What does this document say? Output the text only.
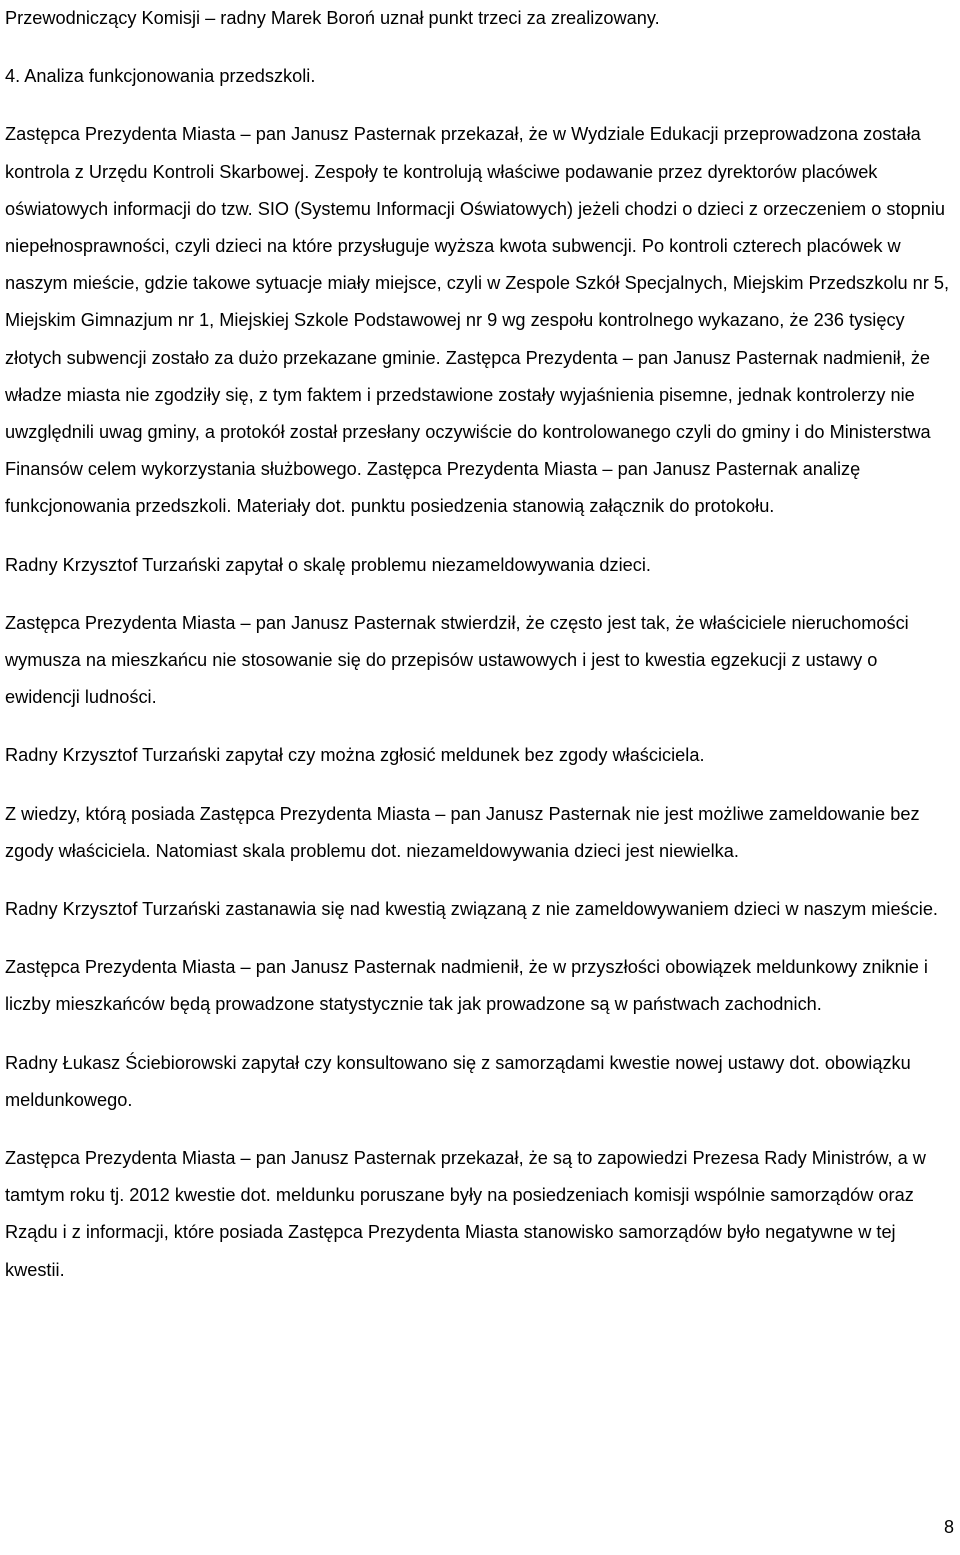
Przewodniczący Komisji – radny Marek Boroń uznał punkt trzeci za zrealizowany.

4. Analiza funkcjonowania przedszkoli.

Zastępca Prezydenta Miasta – pan Janusz Pasternak przekazał, że w Wydziale Edukacji przeprowadzona została kontrola z Urzędu Kontroli Skarbowej. Zespoły te kontrolują właściwe podawanie przez dyrektorów placówek oświatowych informacji do tzw. SIO (Systemu Informacji Oświatowych) jeżeli chodzi o dzieci z orzeczeniem o stopniu niepełnosprawności, czyli dzieci na które przysługuje wyższa kwota subwencji. Po kontroli czterech placówek w naszym mieście, gdzie takowe sytuacje miały miejsce, czyli w Zespole Szkół Specjalnych, Miejskim Przedszkolu nr 5, Miejskim Gimnazjum nr 1, Miejskiej Szkole Podstawowej nr 9 wg zespołu kontrolnego wykazano, że 236 tysięcy złotych subwencji zostało za dużo przekazane gminie. Zastępca Prezydenta – pan Janusz Pasternak nadmienił, że władze miasta nie zgodziły się, z tym faktem i przedstawione zostały wyjaśnienia pisemne, jednak kontrolerzy nie uwzględnili uwag gminy, a protokół został przesłany oczywiście do kontrolowanego czyli do gminy i do Ministerstwa Finansów celem wykorzystania służbowego. Zastępca Prezydenta Miasta – pan Janusz Pasternak analizę funkcjonowania przedszkoli. Materiały dot. punktu posiedzenia stanowią załącznik do protokołu.

Radny Krzysztof Turzański zapytał o skalę problemu niezameldowywania dzieci.

Zastępca Prezydenta Miasta – pan Janusz Pasternak stwierdził, że często jest tak, że właściciele nieruchomości wymusza na mieszkańcu nie stosowanie się do przepisów ustawowych i jest to kwestia egzekucji z ustawy o ewidencji ludności.

Radny Krzysztof Turzański zapytał czy można zgłosić meldunek bez zgody właściciela.

Z wiedzy, którą posiada Zastępca Prezydenta Miasta – pan Janusz Pasternak nie jest możliwe zameldowanie bez zgody właściciela. Natomiast skala problemu dot. niezameldowywania dzieci jest niewielka.

Radny Krzysztof Turzański zastanawia się nad kwestią związaną z nie zameldowywaniem dzieci w naszym mieście.

Zastępca Prezydenta Miasta – pan Janusz Pasternak nadmienił, że w przyszłości obowiązek meldunkowy zniknie i liczby mieszkańców będą prowadzone statystycznie tak jak prowadzone są w państwach zachodnich.

Radny Łukasz Ściebiorowski zapytał czy konsultowano się z samorządami kwestie nowej ustawy dot. obowiązku meldunkowego.

Zastępca Prezydenta Miasta – pan Janusz Pasternak przekazał, że są to zapowiedzi Prezesa Rady Ministrów, a w tamtym roku tj. 2012 kwestie dot. meldunku poruszane były na posiedzeniach komisji wspólnie samorządów oraz Rządu i z informacji, które posiada Zastępca Prezydenta Miasta stanowisko samorządów było negatywne w tej kwestii.

8
